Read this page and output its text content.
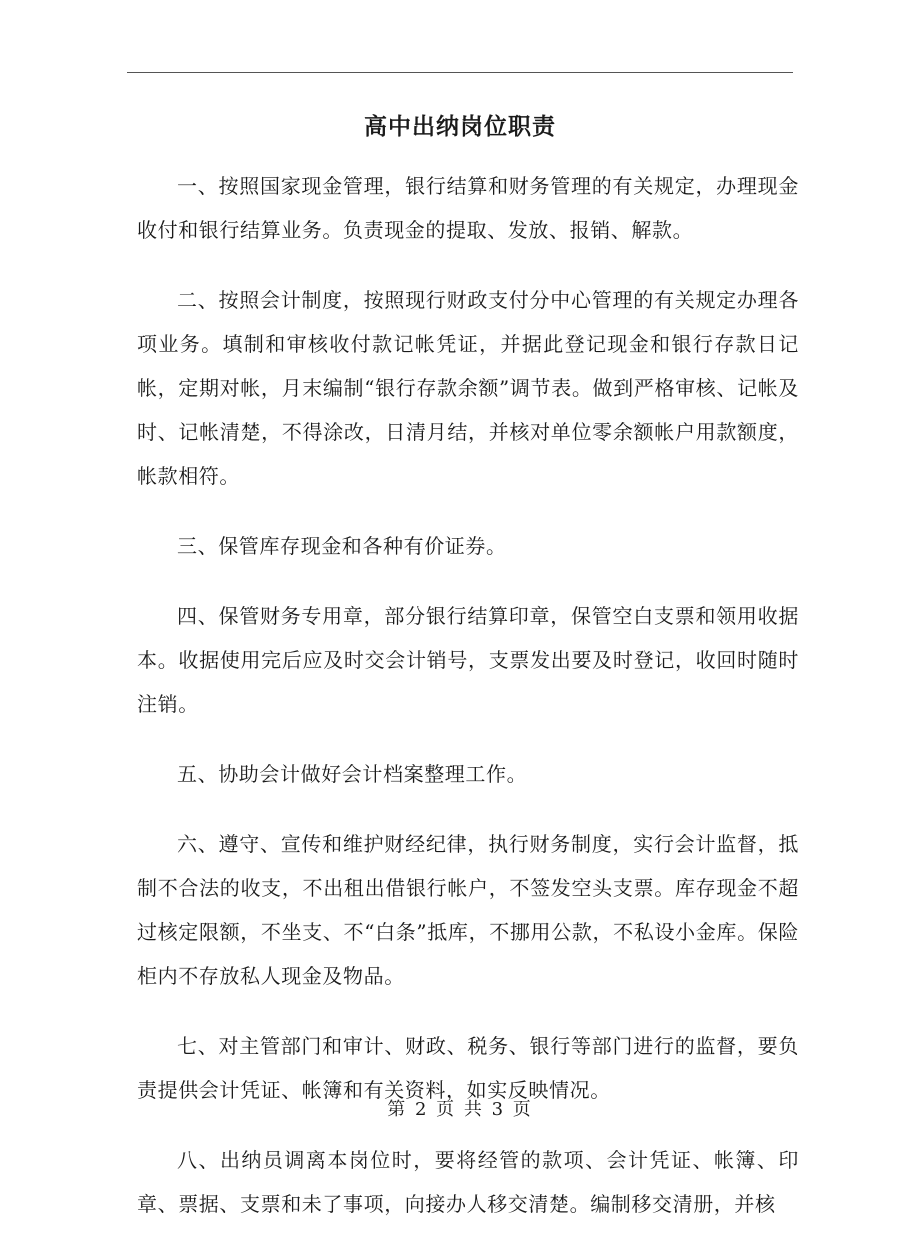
高中出纳岗位职责

一、按照国家现金管理，银行结算和财务管理的有关规定，办理现金收付和银行结算业务。负责现金的提取、发放、报销、解款。

二、按照会计制度，按照现行财政支付分中心管理的有关规定办理各项业务。填制和审核收付款记帐凭证，并据此登记现金和银行存款日记帐，定期对帐，月末编制“银行存款余额”调节表。做到严格审核、记帐及时、记帐清楚，不得涂改，日清月结，并核对单位零余额帐户用款额度，帐款相符。

三、保管库存现金和各种有价证券。

四、保管财务专用章，部分银行结算印章，保管空白支票和领用收据本。收据使用完后应及时交会计销号，支票发出要及时登记，收回时随时注销。

五、协助会计做好会计档案整理工作。

六、遵守、宣传和维护财经纪律，执行财务制度，实行会计监督，抵制不合法的收支，不出租出借银行帐户，不签发空头支票。库存现金不超过核定限额，不坐支、不“白条”抵库，不挪用公款，不私设小金库。保险柜内不存放私人现金及物品。

七、对主管部门和审计、财政、税务、银行等部门进行的监督，要负责提供会计凭证、帐簿和有关资料，如实反映情况。

八、出纳员调离本岗位时，要将经管的款项、会计凭证、帐簿、印章、票据、支票和未了事项，向接办人移交清楚。编制移交清册，并核

第 2 页 共 3 页
